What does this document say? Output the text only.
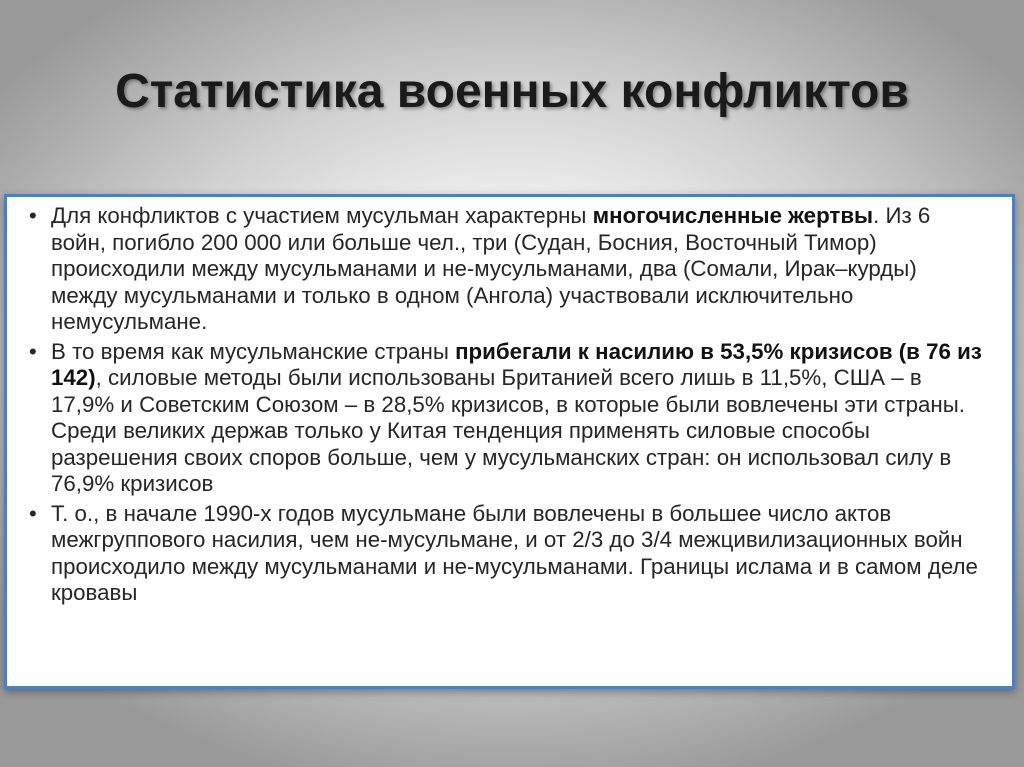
Статистика военных конфликтов
• Для конфликтов с участием мусульман характерны многочисленные жертвы. Из 6 войн, погибло 200 000 или больше чел., три (Судан, Босния, Восточный Тимор) происходили между мусульманами и не-мусульманами, два (Сомали, Ирак–курды) между мусульманами и только в одном (Ангола) участвовали исключительно немусульмане.
• В то время как мусульманские страны прибегали к насилию в 53,5% кризисов (в 76 из 142), силовые методы были использованы Британией всего лишь в 11,5%, США – в 17,9% и Советским Союзом – в 28,5% кризисов, в которые были вовлечены эти страны. Среди великих держав только у Китая тенденция применять силовые способы разрешения своих споров больше, чем у мусульманских стран: он использовал силу в 76,9% кризисов
• Т. о., в начале 1990-х годов мусульмане были вовлечены в большее число актов межгруппового насилия, чем не-мусульмане, и от 2/3 до 3/4 межцивилизационных войн происходило между мусульманами и не-мусульманами. Границы ислама и в самом деле кровавы
